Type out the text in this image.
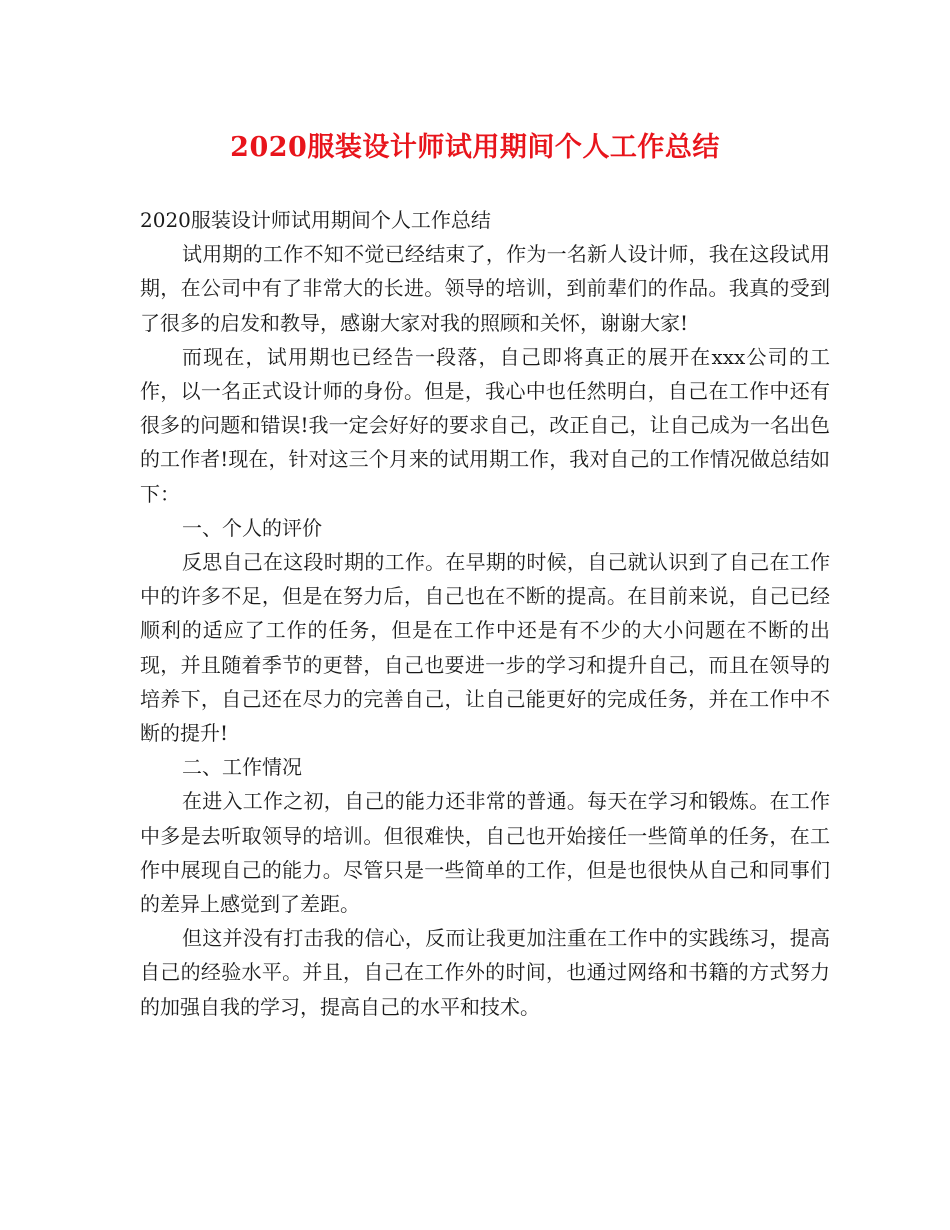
2020服装设计师试用期间个人工作总结

2020服装设计师试用期间个人工作总结

试用期的工作不知不觉已经结束了，作为一名新人设计师，我在这段试用期，在公司中有了非常大的长进。领导的培训，到前辈们的作品。我真的受到了很多的启发和教导，感谢大家对我的照顾和关怀，谢谢大家!

而现在，试用期也已经告一段落，自己即将真正的展开在xxx公司的工作，以一名正式设计师的身份。但是，我心中也任然明白，自己在工作中还有很多的问题和错误!我一定会好好的要求自己，改正自己，让自己成为一名出色的工作者!现在，针对这三个月来的试用期工作，我对自己的工作情况做总结如下：

一、个人的评价

反思自己在这段时期的工作。在早期的时候，自己就认识到了自己在工作中的许多不足，但是在努力后，自己也在不断的提高。在目前来说，自己已经顺利的适应了工作的任务，但是在工作中还是有不少的大小问题在不断的出现，并且随着季节的更替，自己也要进一步的学习和提升自己，而且在领导的培养下，自己还在尽力的完善自己，让自己能更好的完成任务，并在工作中不断的提升!

二、工作情况

在进入工作之初，自己的能力还非常的普通。每天在学习和锻炼。在工作中多是去听取领导的培训。但很难快，自己也开始接任一些简单的任务，在工作中展现自己的能力。尽管只是一些简单的工作，但是也很快从自己和同事们的差异上感觉到了差距。

但这并没有打击我的信心，反而让我更加注重在工作中的实践练习，提高自己的经验水平。并且，自己在工作外的时间，也通过网络和书籍的方式努力的加强自我的学习，提高自己的水平和技术。
